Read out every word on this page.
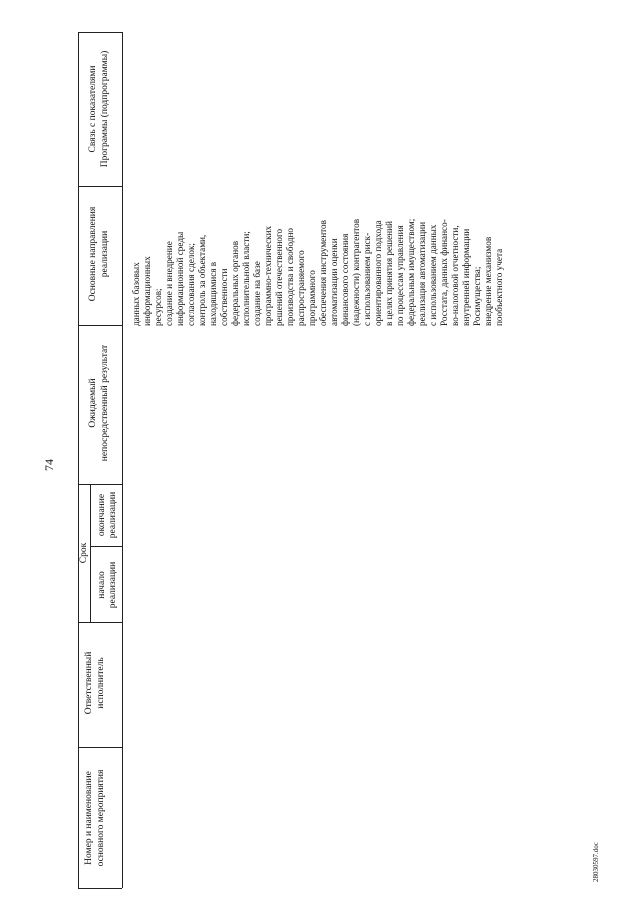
74
28030597.doc
Номер и наименование основного мероприятия
Ответственный исполнитель
Срок
начало реализации
окончание реализации
Ожидаемый непосредственный результат
Основные направления реализации
Связь с показателями Программы (подпрограммы)
данных базовых информационных ресурсов; создание и внедрение информационной среды согласования сделок; контроль за объектами, находящимися в собственности федеральных органов исполнительной власти; создание на базе программно-технических решений отечественного производства и свободно распространяемого программного обеспечения инструментов автоматизации оценки финансового состояния (надежности) контрагентов с использованием риск- ориентированного подхода в целях принятия решений по процессам управления федеральным имуществом; реализация автоматизации с использованием данных Росстата, данных финансо- во-налоговой отчетности, внутренней информации Росимущества; внедрение механизмов пообъектного учета
